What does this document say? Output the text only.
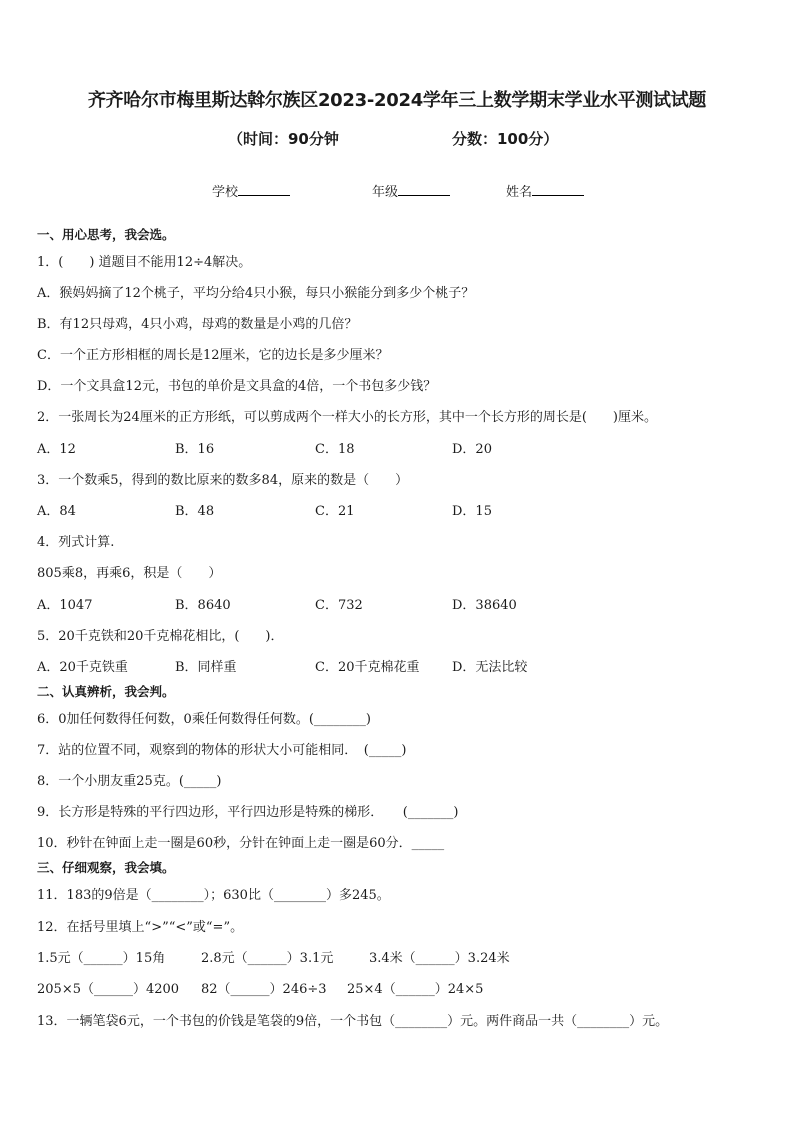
齐齐哈尔市梅里斯达斡尔族区2023-2024学年三上数学期末学业水平测试试题
（时间：90分钟	分数：100分）
学校	年级	姓名
一、用心思考，我会选。
1．(　　) 道题目不能用12÷4解决。
A．猴妈妈摘了12个桃子，平均分给4只小猴，每只小猴能分到多少个桃子？
B．有12只母鸡，4只小鸡，母鸡的数量是小鸡的几倍？
C．一个正方形相框的周长是12厘米，它的边长是多少厘米？
D．一个文具盒12元，书包的单价是文具盒的4倍，一个书包多少钱？
2．一张周长为24厘米的正方形纸，可以剪成两个一样大小的长方形，其中一个长方形的周长是(　　)厘米。
A．12	B．16	C．18	D．20
3．一个数乘5，得到的数比原来的数多84，原来的数是（　　）
A．84	B．48	C．21	D．15
4．列式计算.
805乘8，再乘6，积是（　　）
A．1047	B．8640	C．732	D．38640
5．20千克铁和20千克棉花相比，(　　)．
A．20千克铁重	B．同样重	C．20千克棉花重	D．无法比较
二、认真辨析，我会判。
6．0加任何数得任何数，0乘任何数得任何数。(________)
7．站的位置不同，观察到的物体的形状大小可能相同．　(_____)
8．一个小朋友重25克。(_____)
9．长方形是特殊的平行四边形，平行四边形是特殊的梯形．　　(_______)
10．秒针在钟面上走一圈是60秒，分针在钟面上走一圈是60分．_____
三、仔细观察，我会填。
11．183的9倍是（________）；630比（________）多245。
12．在括号里填上“>”“<”或“=”。
1.5元（______）15角	2.8元（______）3.1元	3.4米（______）3.24米
205×5（______）4200 82（______）246÷3 25×4（______）24×5
13．一辆笔袋6元，一个书包的价钱是笔袋的9倍，一个书包（________）元。两件商品一共（________）元。
